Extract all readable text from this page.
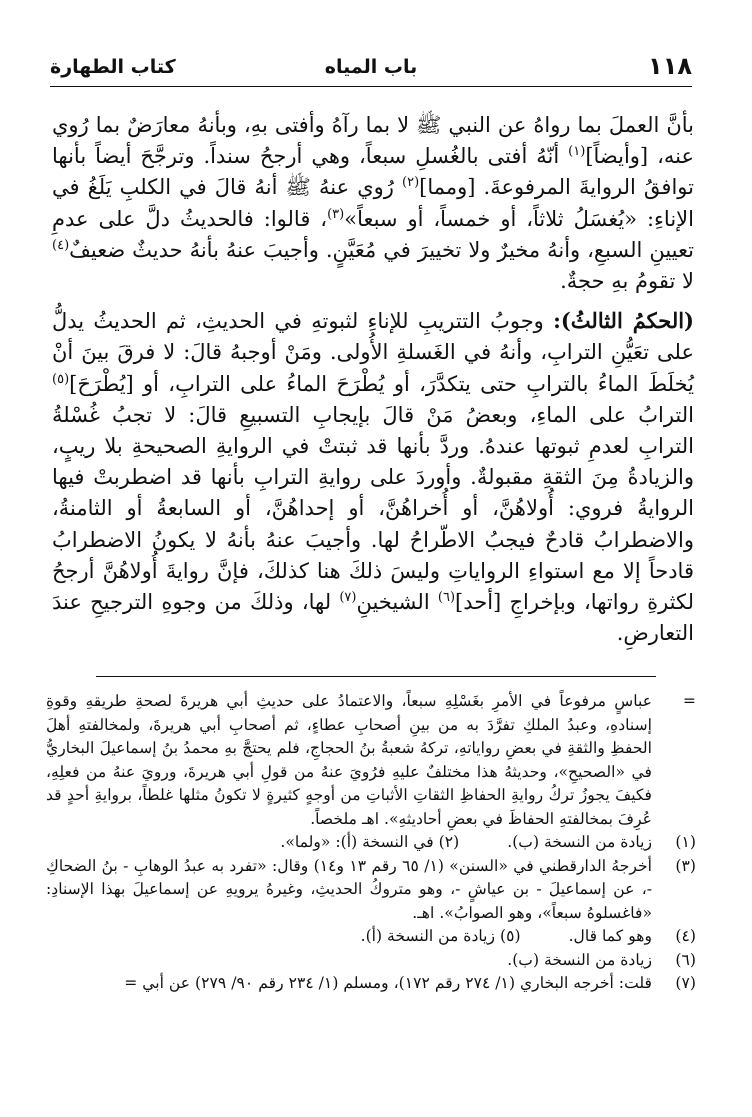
١١٨
باب المياه
كتاب الطهارة

بأنَّ العملَ بما رواهُ عن النبي ﷺ لا بما رآهُ وأفتى بهِ، وبأنهُ معارَضٌ بما رُوي عنه، [وأيضاً]$^{(١)}$ أنّهُ أفتى بالغُسلِ سبعاً، وهي أرجحُ سنداً. وترجَّحَ أيضاً بأنها توافقُ الروايةَ المرفوعةَ. [ومما]$^{(٢)}$ رُوي عنهُ ﷺ أنهُ قالَ في الكلبِ يَلَغُ في الإناءِ: «يُغسَلُ ثلاثاً، أو خمساً، أو سبعاً»$^{(٣)}$، قالوا: فالحديثُ دلَّ على عدمِ تعيينِ السبعِ، وأنهُ مخيرٌ ولا تخييرَ في مُعَيَّنٍ. وأجيبَ عنهُ بأنهُ حديثٌ ضعيفٌ$^{(٤)}$ لا تقومُ بهِ حجةٌ.

(الحكمُ الثالثُ): وجوبُ التتريبِ للإناءِ لثبوتهِ في الحديثِ، ثم الحديثُ يدلُّ على تعَيُّنِ الترابِ، وأنهُ في الغَسلةِ الأُولى. ومَنْ أوجبهُ قالَ: لا فرقَ بينَ أنْ يُخلَطَ الماءُ بالترابِ حتى يتكدَّرَ، أو يُطْرَحَ الماءُ على الترابِ، أو [يُطْرَحَ]$^{(٥)}$ الترابُ على الماءِ، وبعضُ مَنْ قالَ بإيجابِ التسبيعِ قالَ: لا تجبُ غُسْلةُ الترابِ لعدمِ ثبوتها عندهُ. وردَّ بأنها قد ثبتتْ في الروايةِ الصحيحةِ بلا ريبٍ، والزيادةُ مِنَ الثقةِ مقبولةٌ. وأوردَ على روايةِ الترابِ بأنها قد اضطربتْ فيها الروايةُ فروي: أُولاهُنَّ، أو أُخراهُنَّ، أو إحداهُنَّ، أو السابعةُ أو الثامنةُ، والاضطرابُ قادحٌ فيجبُ الاطّراحُ لها. وأجيبَ عنهُ بأنهُ لا يكونُ الاضطرابُ قادحاً إلا مع استواءِ الرواياتِ وليسَ ذلكَ هنا كذلكَ، فإنَّ روايةَ أُولاهُنَّ أرجحُ لكثرةِ رواتها، وبإخراجِ [أحد]$^{(٦)}$ الشيخينِ$^{(٧)}$ لها، وذلكَ من وجوهِ الترجيحِ عندَ التعارضِ.

=
عباسٍ مرفوعاً في الأمرِ بغَسْلِهِ سبعاً، والاعتمادُ على حديثِ أبي هريرةَ لصحةِ طريقهِ وقوةِ إسنادهِ، وعبدُ الملكِ تفرَّدَ به من بينِ أصحابِ عطاءٍ، ثم أصحابِ أبي هريرةَ، ولمخالفتهِ أهلَ الحفظِ والثقةِ في بعضِ رواياتهِ، تركهُ شعبةُ بنُ الحجاجِ، فلم يحتجَّ بهِ محمدُ بنُ إسماعيلَ البخاريُّ في «الصحيحِ»، وحديثهُ هذا مختلفٌ عليهِ فرُويَ عنهُ من قولِ أبي هريرةَ، ورويَ عنهُ من فعلِهِ، فكيفَ يجوزُ تركُ روايةِ الحفاظِ الثقاتِ الأثباتِ من أوجهٍ كثيرةٍ لا تكونُ مثلها غلطاً، بروايةِ أحدٍ قد عُرِفَ بمخالفتهِ الحفاظَ في بعضِ أحاديثهِ». اهـ ملخصاً.
(١)
زيادة من النسخة (ب).
(٢) في النسخة (أ): «ولما».
(٣)
أخرجهُ الدارقطني في «السنن» (١/ ٦٥ رقم ١٣ و١٤) وقال: «تفرد به عبدُ الوهابِ - بنُ الضحاكِ -، عن إسماعيلَ - بن عياشٍ -، وهو متروكُ الحديثِ، وغيرهُ يرويهِ عن إسماعيلَ بهذا الإسنادِ: «فاغسلوهُ سبعاً»، وهو الصوابُ». اهـ.
(٤)
وهو كما قال.
(٥) زيادة من النسخة (أ).
(٦)
زيادة من النسخة (ب).
(٧)
قلت: أخرجه البخاري (١/ ٢٧٤ رقم ١٧٢)، ومسلم (١/ ٢٣٤ رقم ٩٠/ ٢٧٩) عن أبي =
